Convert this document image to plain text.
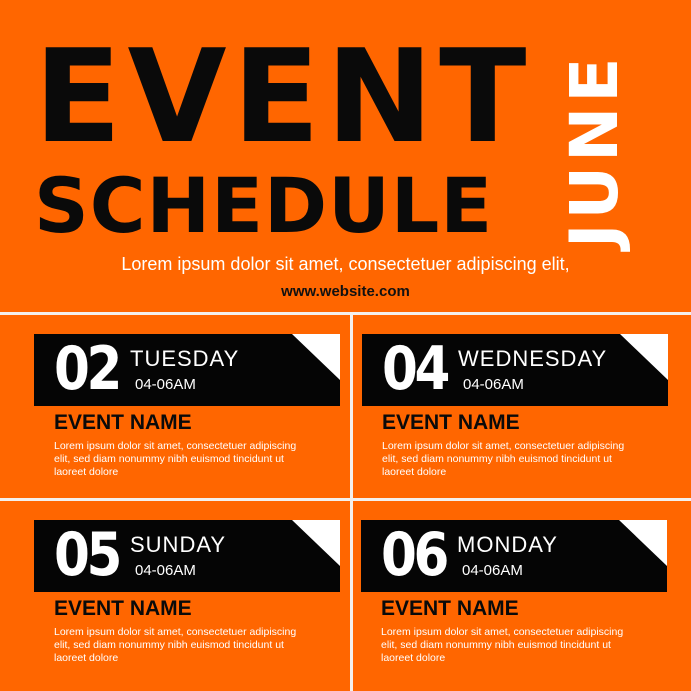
EVENT
SCHEDULE JUNE
Lorem ipsum dolor sit amet, consectetuer adipiscing elit,
www.website.com
02 TUESDAY
04-06AM
EVENT NAME
Lorem ipsum dolor sit amet, consectetuer adipiscing elit, sed diam nonummy nibh euismod tincidunt ut laoreet dolore
04 WEDNESDAY
04-06AM
EVENT NAME
Lorem ipsum dolor sit amet, consectetuer adipiscing elit, sed diam nonummy nibh euismod tincidunt ut laoreet dolore
05 SUNDAY
04-06AM
EVENT NAME
Lorem ipsum dolor sit amet, consectetuer adipiscing elit, sed diam nonummy nibh euismod tincidunt ut laoreet dolore
06 MONDAY
04-06AM
EVENT NAME
Lorem ipsum dolor sit amet, consectetuer adipiscing elit, sed diam nonummy nibh euismod tincidunt ut laoreet dolore
